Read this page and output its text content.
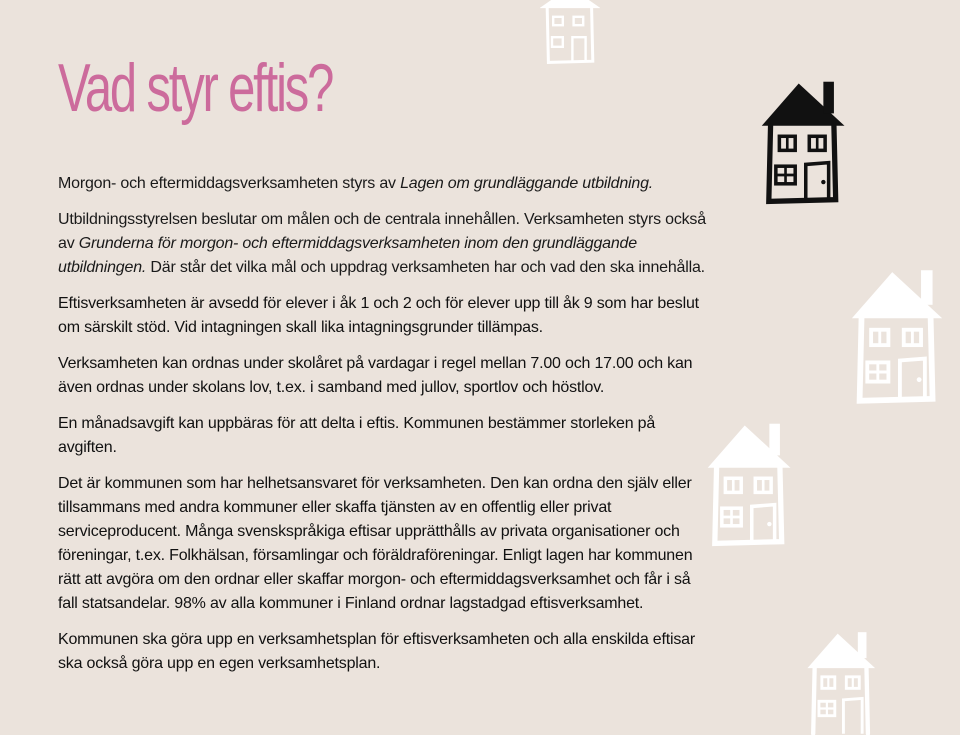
Vad styr eftis?

Morgon- och eftermiddagsverksamheten styrs av Lagen om grundläggande utbildning.

Utbildningsstyrelsen beslutar om målen och de centrala innehållen. Verksamheten styrs också av Grunderna för morgon- och eftermiddagsverksamheten inom den grundläggande utbildningen. Där står det vilka mål och uppdrag verksamheten har och vad den ska innehålla.

Eftisverksamheten är avsedd för elever i åk 1 och 2 och för elever upp till åk 9 som har beslut om särskilt stöd. Vid intagningen skall lika intagningsgrunder tillämpas.

Verksamheten kan ordnas under skolåret på vardagar i regel mellan 7.00 och 17.00 och kan även ordnas under skolans lov, t.ex. i samband med jullov, sportlov och höstlov.

En månadsavgift kan uppbäras för att delta i eftis. Kommunen bestämmer storleken på avgiften.

Det är kommunen som har helhetsansvaret för verksamheten. Den kan ordna den själv eller tillsammans med andra kommuner eller skaffa tjänsten av en offentlig eller privat serviceproducent. Många svenskspråkiga eftisar upprätthålls av privata organisationer och föreningar, t.ex. Folkhälsan, församlingar och föräldraföreningar. Enligt lagen har kommunen rätt att avgöra om den ordnar eller skaffar morgon- och eftermiddagsverksamhet och får i så fall statsandelar. 98% av alla kommuner i Finland ordnar lagstadgad eftisverksamhet.

Kommunen ska göra upp en verksamhetsplan för eftisverksamheten och alla enskilda eftisar ska också göra upp en egen verksamhetsplan.
